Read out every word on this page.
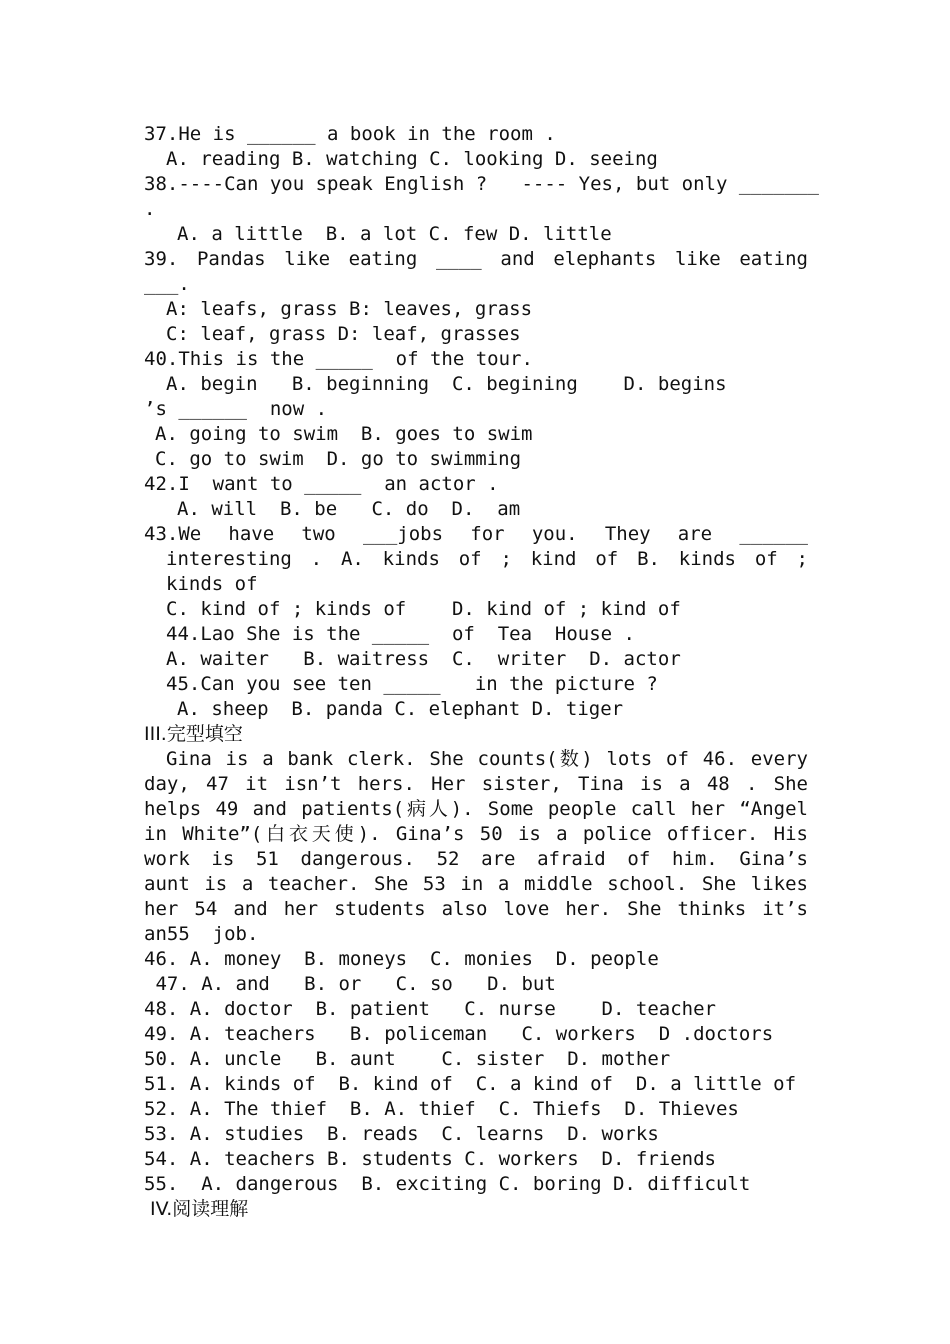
37.He is ______ a book in the room .
A. reading B. watching C. looking D. seeing
38.----Can you speak English ?   ---- Yes, but only _______
.
A. a little  B. a lot C. few D. little
39. Pandas like eating ____ and elephants like eating
___.
A: leafs, grass B: leaves, grass
C: leaf, grass D: leaf, grasses
40.This is the _____  of the tour.
A. begin   B. beginning  C. begining    D. begins
’s ______  now .
A. going to swim  B. goes to swim
C. go to swim  D. go to swimming
42.I  want to _____  an actor .
A. will  B. be   C. do  D.  am
43.We have two ___jobs for you. They are ______
interesting . A. kinds of ; kind of B. kinds of ;
kinds of
C. kind of ; kinds of    D. kind of ; kind of
44.Lao She is the _____  of  Tea  House .
A. waiter   B. waitress  C.  writer  D. actor
45.Can you see ten _____   in the picture ?
A. sheep  B. panda C. elephant D. tiger
III.完型填空
Gina is a bank clerk. She counts(数) lots of 46. every
day, 47 it isn’t hers. Her sister, Tina is a 48 . She
helps 49 and patients(病人). Some people call her “Angel
in White”(白衣天使). Gina’s 50 is a police officer. His
work is 51 dangerous. 52 are afraid of him. Gina’s
aunt is a teacher. She 53 in a middle school. She likes
her 54 and her students also love her. She thinks it’s
an55  job.
46. A. money  B. moneys  C. monies  D. people
47. A. and   B. or   C. so   D. but
48. A. doctor  B. patient   C. nurse    D. teacher
49. A. teachers   B. policeman   C. workers  D .doctors
50. A. uncle   B. aunt    C. sister  D. mother
51. A. kinds of  B. kind of  C. a kind of  D. a little of
52. A. The thief  B. A. thief  C. Thiefs  D. Thieves
53. A. studies  B. reads  C. learns  D. works
54. A. teachers B. students C. workers  D. friends
55.  A. dangerous  B. exciting C. boring D. difficult
IV.阅读理解
